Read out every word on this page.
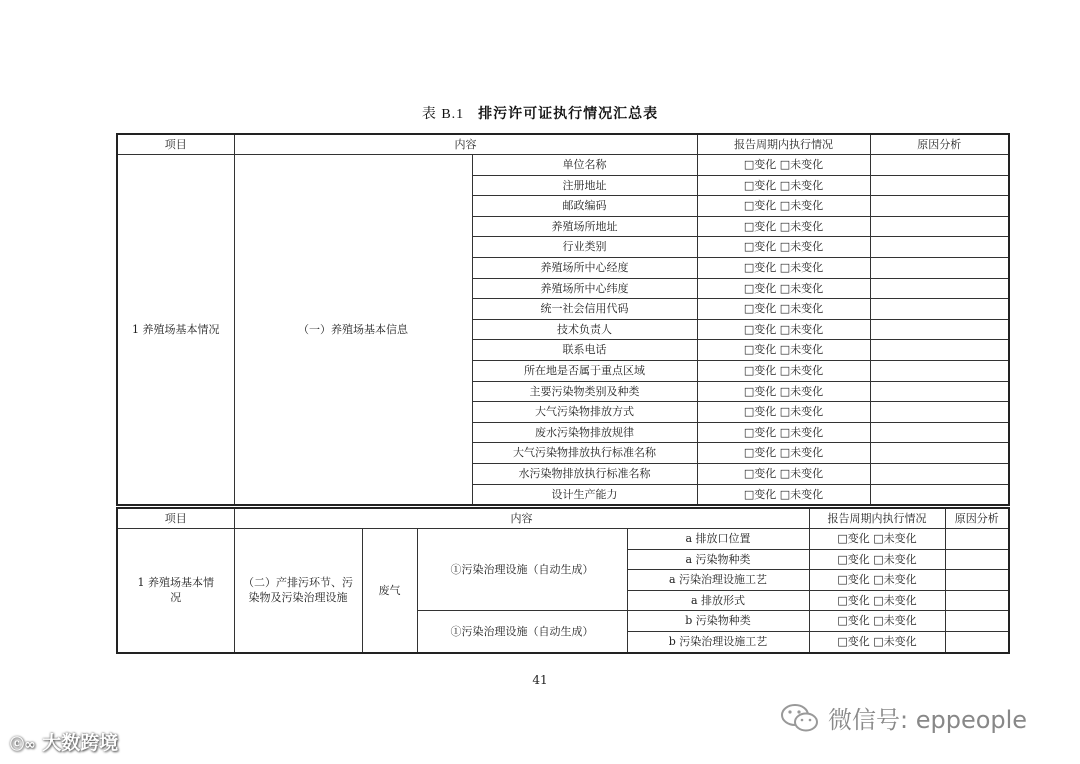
表 B.1 排污许可证执行情况汇总表
项目	内容		报告周期内执行情况	原因分析
1 养殖场基本情况	（一）养殖场基本信息	单位名称	□变化 □未变化	
		注册地址	□变化 □未变化	
		邮政编码	□变化 □未变化	
		养殖场所地址	□变化 □未变化	
		行业类别	□变化 □未变化	
		养殖场所中心经度	□变化 □未变化	
		养殖场所中心纬度	□变化 □未变化	
		统一社会信用代码	□变化 □未变化	
		技术负责人	□变化 □未变化	
		联系电话	□变化 □未变化	
		所在地是否属于重点区域	□变化 □未变化	
		主要污染物类别及种类	□变化 □未变化	
		大气污染物排放方式	□变化 □未变化	
		废水污染物排放规律	□变化 □未变化	
		大气污染物排放执行标准名称	□变化 □未变化	
		水污染物排放执行标准名称	□变化 □未变化	
		设计生产能力	□变化 □未变化	
项目	内容				报告周期内执行情况	原因分析
1 养殖场基本情况	（二）产排污环节、污染物及污染治理设施	废气	①污染治理设施（自动生成）	a 排放口位置	□变化 □未变化	
				a 污染物种类	□变化 □未变化	
				a 污染治理设施工艺	□变化 □未变化	
				a 排放形式	□变化 □未变化	
			①污染治理设施（自动生成）	b 污染物种类	□变化 □未变化	
				b 污染治理设施工艺	□变化 □未变化	
41
ⓒ∞ 大数跨境
微信号: eppeople
